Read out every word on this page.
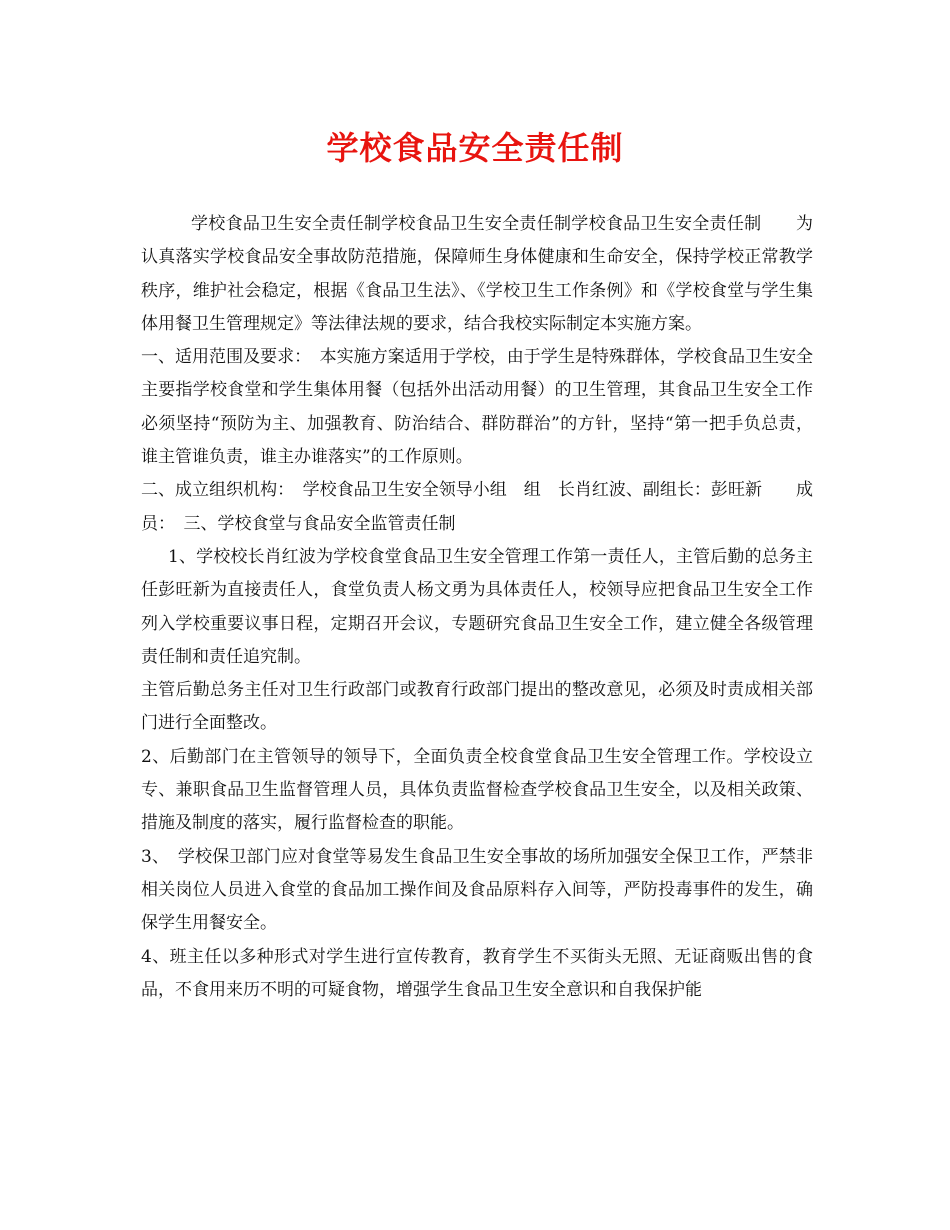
学校食品安全责任制

学校食品卫生安全责任制学校食品卫生安全责任制学校食品卫生安全责任制　　为认真落实学校食品安全事故防范措施，保障师生身体健康和生命安全，保持学校正常教学秩序，维护社会稳定，根据《食品卫生法》、《学校卫生工作条例》和《学校食堂与学生集体用餐卫生管理规定》等法律法规的要求，结合我校实际制定本实施方案。

一、适用范围及要求：　本实施方案适用于学校，由于学生是特殊群体，学校食品卫生安全主要指学校食堂和学生集体用餐（包括外出活动用餐）的卫生管理，其食品卫生安全工作必须坚持“预防为主、加强教育、防治结合、群防群治”的方针，坚持“第一把手负总责，谁主管谁负责，谁主办谁落实”的工作原则。

二、成立组织机构：　学校食品卫生安全领导小组　组　长肖红波、副组长：彭旺新　　成　员：　三、学校食堂与食品安全监管责任制

1、学校校长肖红波为学校食堂食品卫生安全管理工作第一责任人，主管后勤的总务主任彭旺新为直接责任人，食堂负责人杨文勇为具体责任人，校领导应把食品卫生安全工作列入学校重要议事日程，定期召开会议，专题研究食品卫生安全工作，建立健全各级管理责任制和责任追究制。

主管后勤总务主任对卫生行政部门或教育行政部门提出的整改意见，必须及时责成相关部门进行全面整改。

2、后勤部门在主管领导的领导下，全面负责全校食堂食品卫生安全管理工作。学校设立专、兼职食品卫生监督管理人员，具体负责监督检查学校食品卫生安全，以及相关政策、措施及制度的落实，履行监督检查的职能。

3、　学校保卫部门应对食堂等易发生食品卫生安全事故的场所加强安全保卫工作，严禁非相关岗位人员进入食堂的食品加工操作间及食品原料存入间等，严防投毒事件的发生，确保学生用餐安全。

4、班主任以多种形式对学生进行宣传教育，教育学生不买街头无照、无证商贩出售的食品，不食用来历不明的可疑食物，增强学生食品卫生安全意识和自我保护能
